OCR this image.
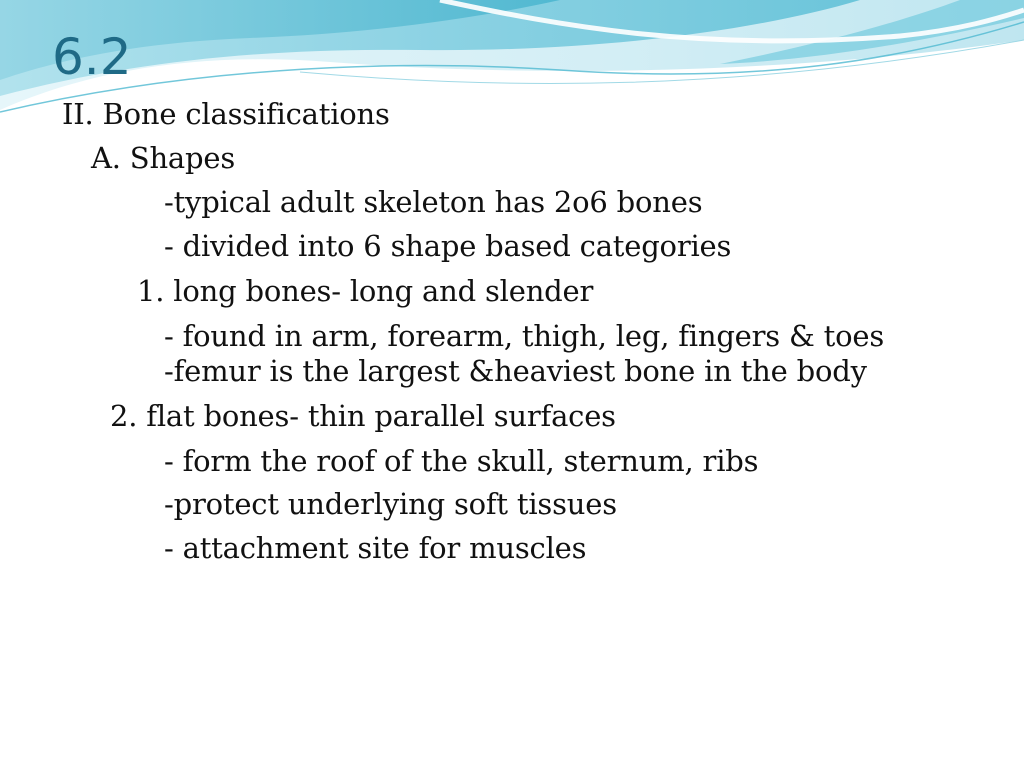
6.2
II. Bone classifications
A. Shapes
-typical adult skeleton has 2o6 bones
- divided into 6 shape based categories
1. long bones- long and slender
- found in arm, forearm, thigh, leg, fingers & toes
-femur is the largest &heaviest bone in the body
2. flat bones- thin parallel surfaces
- form the roof of the skull, sternum, ribs
-protect underlying soft tissues
- attachment site for muscles
